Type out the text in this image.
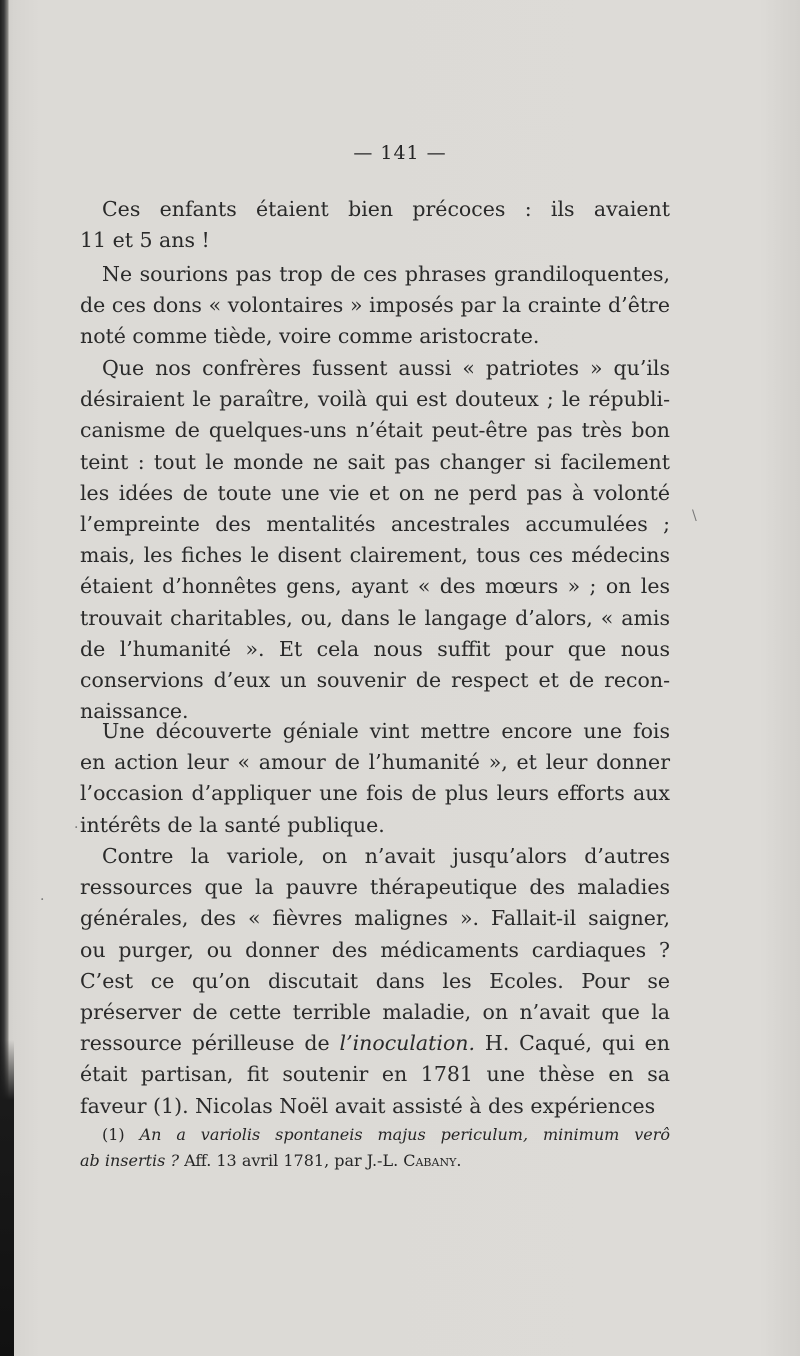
\
·
·
— 141 —
Ces enfants étaient bien précoces : ils avaient
11 et 5 ans !
Ne sourions pas trop de ces phrases grandiloquentes,
de ces dons « volontaires » imposés par la crainte d’être
noté comme tiède, voire comme aristocrate.
Que nos confrères fussent aussi « patriotes » qu’ils
désiraient le paraître, voilà qui est douteux ; le républi-
canisme de quelques-uns n’était peut-être pas très bon
teint : tout le monde ne sait pas changer si facilement
les idées de toute une vie et on ne perd pas à volonté
l’empreinte des mentalités ancestrales accumulées ;
mais, les fiches le disent clairement, tous ces médecins
étaient d’honnêtes gens, ayant « des mœurs » ; on les
trouvait charitables, ou, dans le langage d’alors, « amis
de l’humanité ». Et cela nous suffit pour que nous
conservions d’eux un souvenir de respect et de recon-
naissance.
Une découverte géniale vint mettre encore une fois
en action leur « amour de l’humanité », et leur donner
l’occasion d’appliquer une fois de plus leurs efforts aux
intérêts de la santé publique.
Contre la variole, on n’avait jusqu’alors d’autres
ressources que la pauvre thérapeutique des maladies
générales, des « fièvres malignes ». Fallait-il saigner,
ou purger, ou donner des médicaments cardiaques ?
C’est ce qu’on discutait dans les Ecoles. Pour se
préserver de cette terrible maladie, on n’avait que la
ressource périlleuse de l’inoculation. H. Caqué, qui en
était partisan, fit soutenir en 1781 une thèse en sa
faveur (1). Nicolas Noël avait assisté à des expériences
(1) An a variolis spontaneis majus periculum, minimum verô
ab insertis ? Aff. 13 avril 1781, par J.-L. Cabany.
